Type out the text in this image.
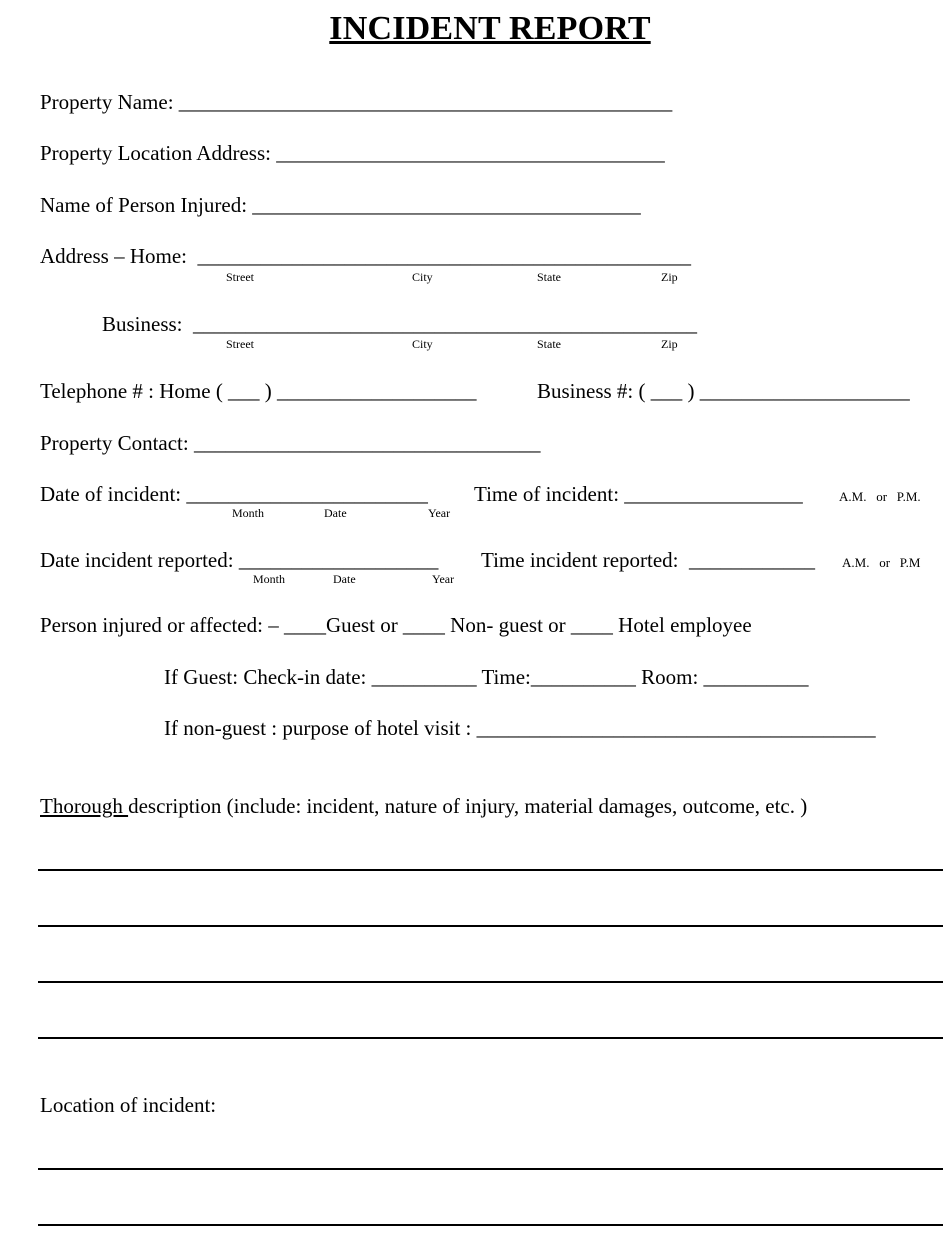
INCIDENT REPORT
Property Name: _______________________________________________
Property Location Address: _____________________________________
Name of Person Injured: _____________________________________
Address – Home:  _______________________________________________
Street	City	State	Zip
Business:  ________________________________________________
Street	City	State	Zip
Telephone # : Home ( ___ ) ___________________	Business #: ( ___ ) ____________________
Property Contact: _________________________________
Date of incident: _______________________ Time of incident: _________________	A.M.   or   P.M.
Month	Date	Year
Date incident reported: ___________________ Time incident reported:  ____________ A.M.   or   P.M
Month	Date	Year
Person injured or affected: – ____Guest or ____ Non- guest or ____ Hotel employee
If Guest: Check-in date: __________ Time:__________ Room: __________
If non-guest : purpose of hotel visit : ______________________________________
Thorough description (include: incident, nature of injury, material damages, outcome, etc. )
Location of incident:
